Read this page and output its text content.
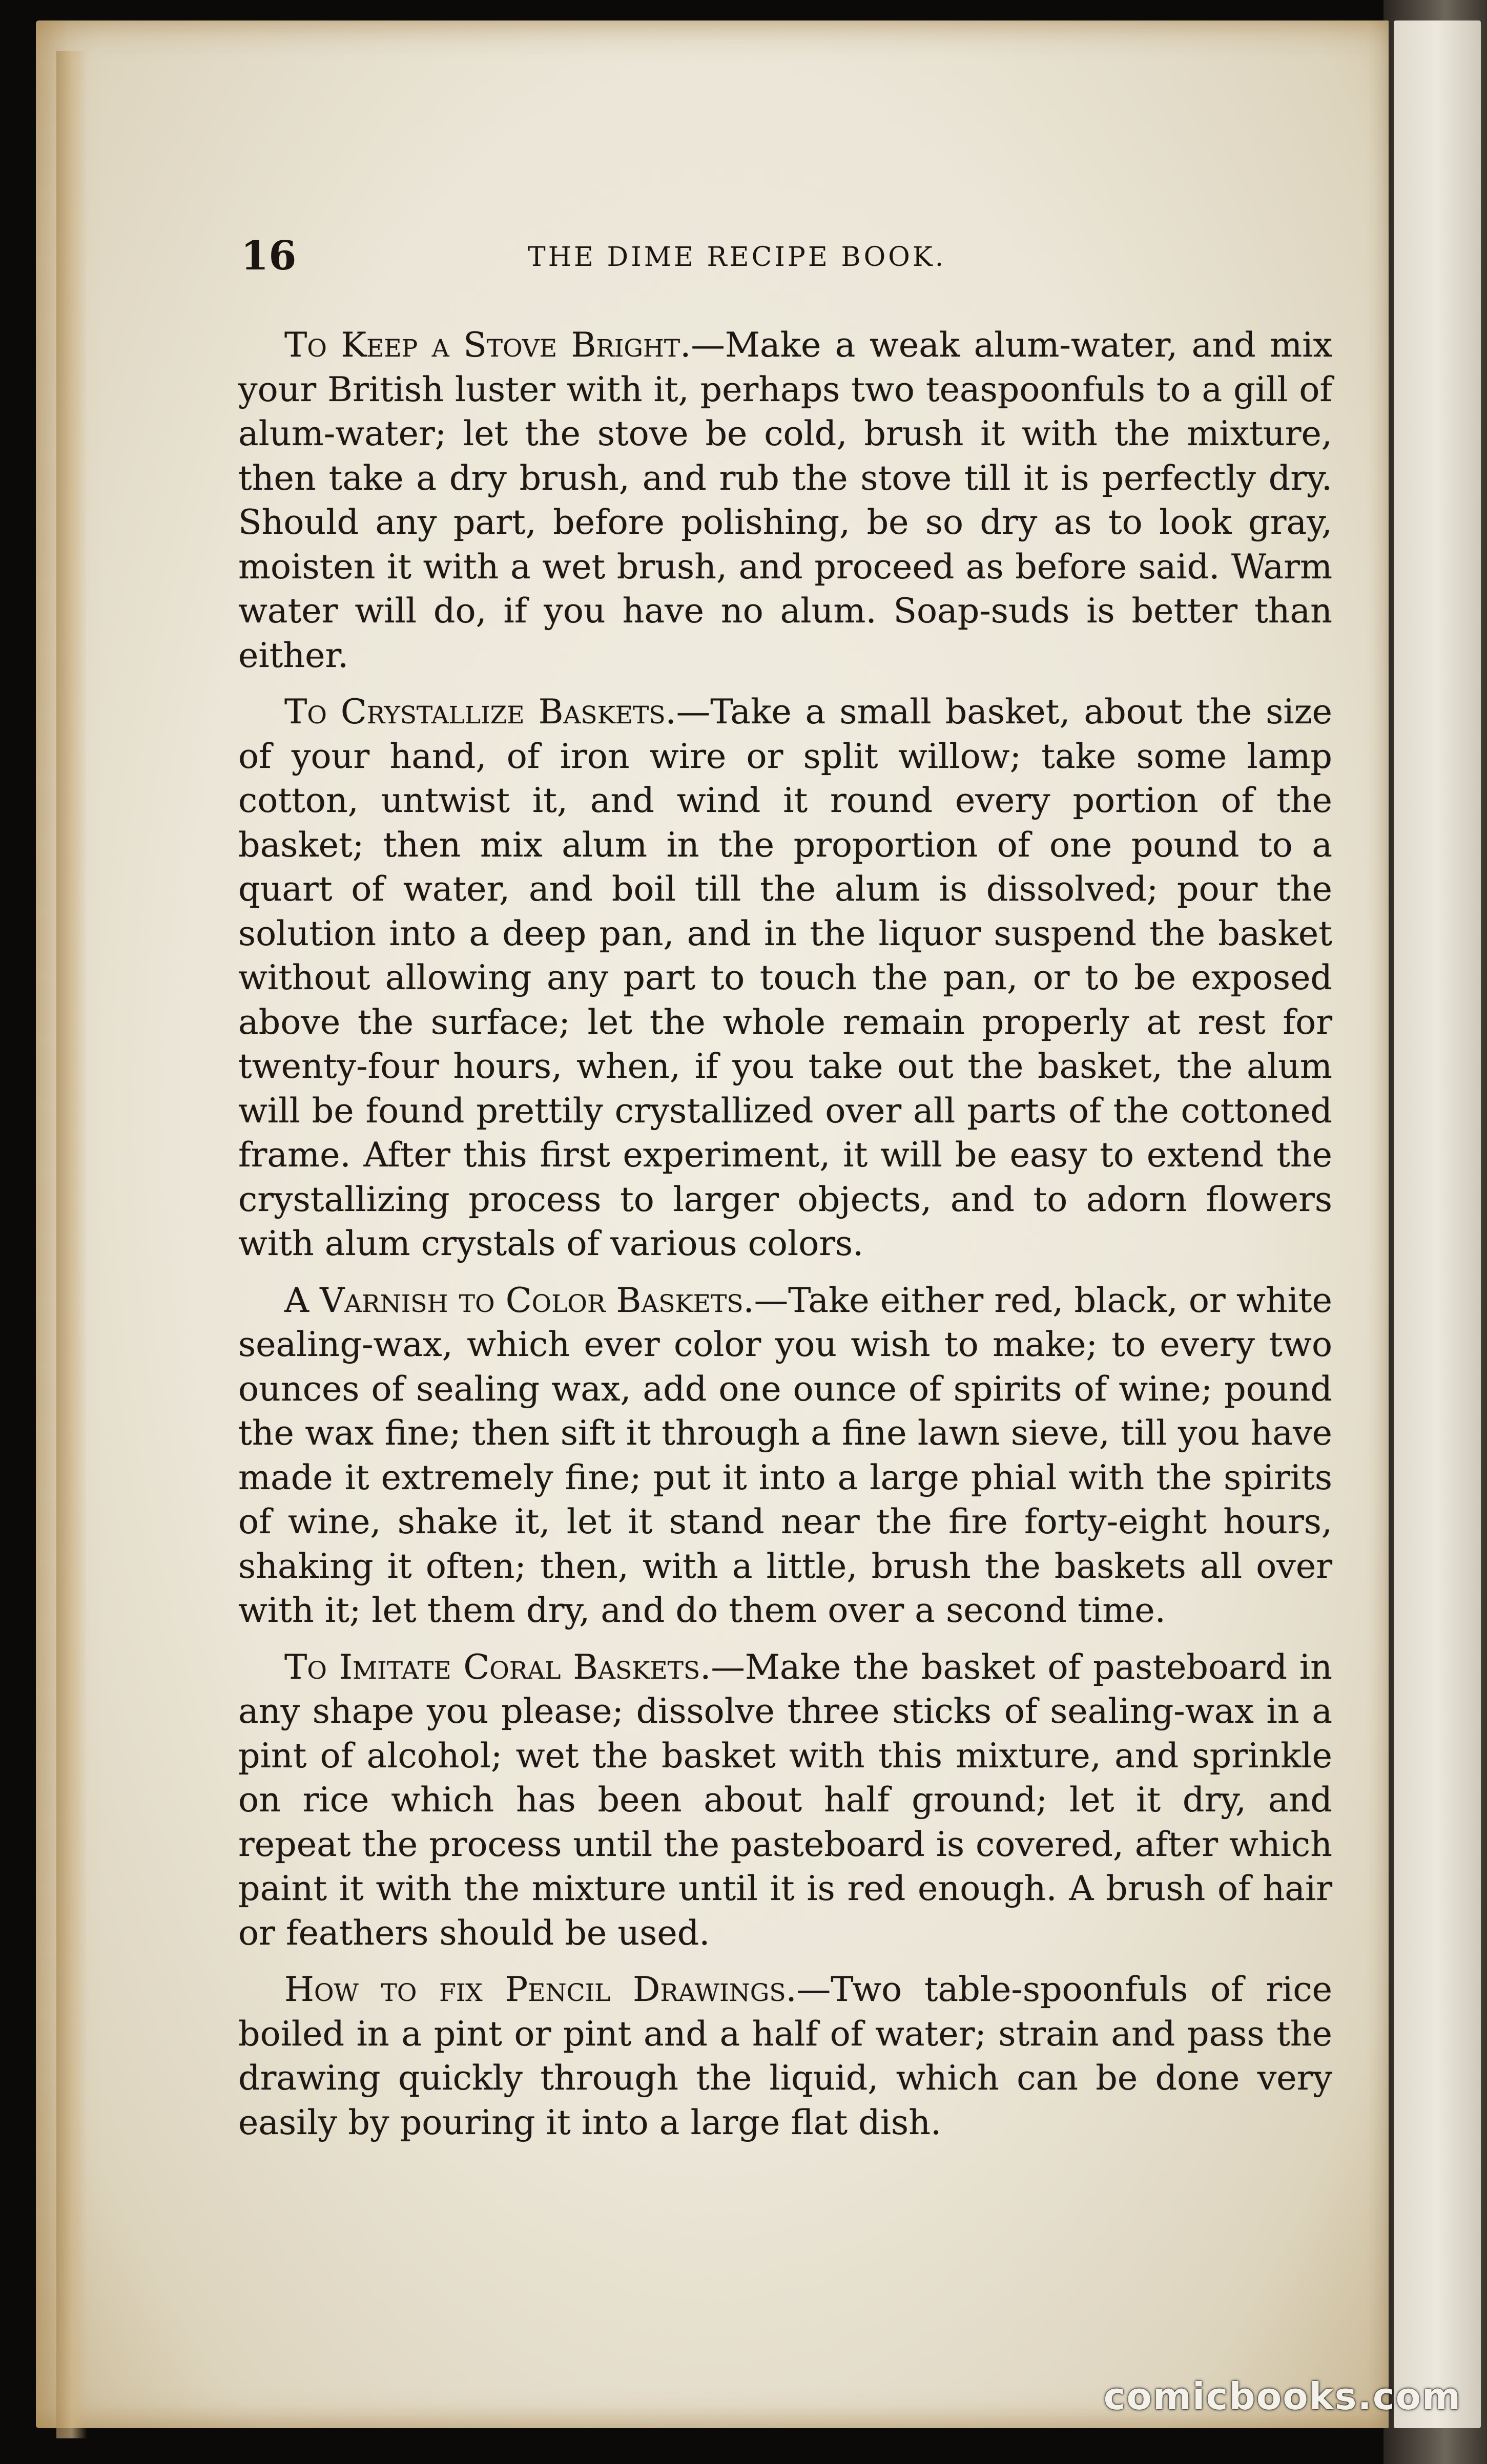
16	THE DIME RECIPE BOOK.

To Keep a Stove Bright.—Make a weak alum-water, and mix your British luster with it, perhaps two teaspoonfuls to a gill of alum-water; let the stove be cold, brush it with the mixture, then take a dry brush, and rub the stove till it is perfectly dry. Should any part, before polishing, be so dry as to look gray, moisten it with a wet brush, and proceed as before said. Warm water will do, if you have no alum. Soap-suds is better than either.

To Crystallize Baskets.—Take a small basket, about the size of your hand, of iron wire or split willow; take some lamp cotton, untwist it, and wind it round every portion of the basket; then mix alum in the proportion of one pound to a quart of water, and boil till the alum is dissolved; pour the solution into a deep pan, and in the liquor suspend the basket without allowing any part to touch the pan, or to be exposed above the surface; let the whole remain properly at rest for twenty-four hours, when, if you take out the basket, the alum will be found prettily crystallized over all parts of the cottoned frame. After this first experiment, it will be easy to extend the crystallizing process to larger objects, and to adorn flowers with alum crystals of various colors.

A Varnish to Color Baskets.—Take either red, black, or white sealing-wax, which ever color you wish to make; to every two ounces of sealing wax, add one ounce of spirits of wine; pound the wax fine; then sift it through a fine lawn sieve, till you have made it extremely fine; put it into a large phial with the spirits of wine, shake it, let it stand near the fire forty-eight hours, shaking it often; then, with a little, brush the baskets all over with it; let them dry, and do them over a second time.

To Imitate Coral Baskets.—Make the basket of pasteboard in any shape you please; dissolve three sticks of sealing-wax in a pint of alcohol; wet the basket with this mixture, and sprinkle on rice which has been about half ground; let it dry, and repeat the process until the pasteboard is covered, after which paint it with the mixture until it is red enough. A brush of hair or feathers should be used.

How to fix Pencil Drawings.—Two table-spoonfuls of rice boiled in a pint or pint and a half of water; strain and pass the drawing quickly through the liquid, which can be done very easily by pouring it into a large flat dish.

comicbooks.com
